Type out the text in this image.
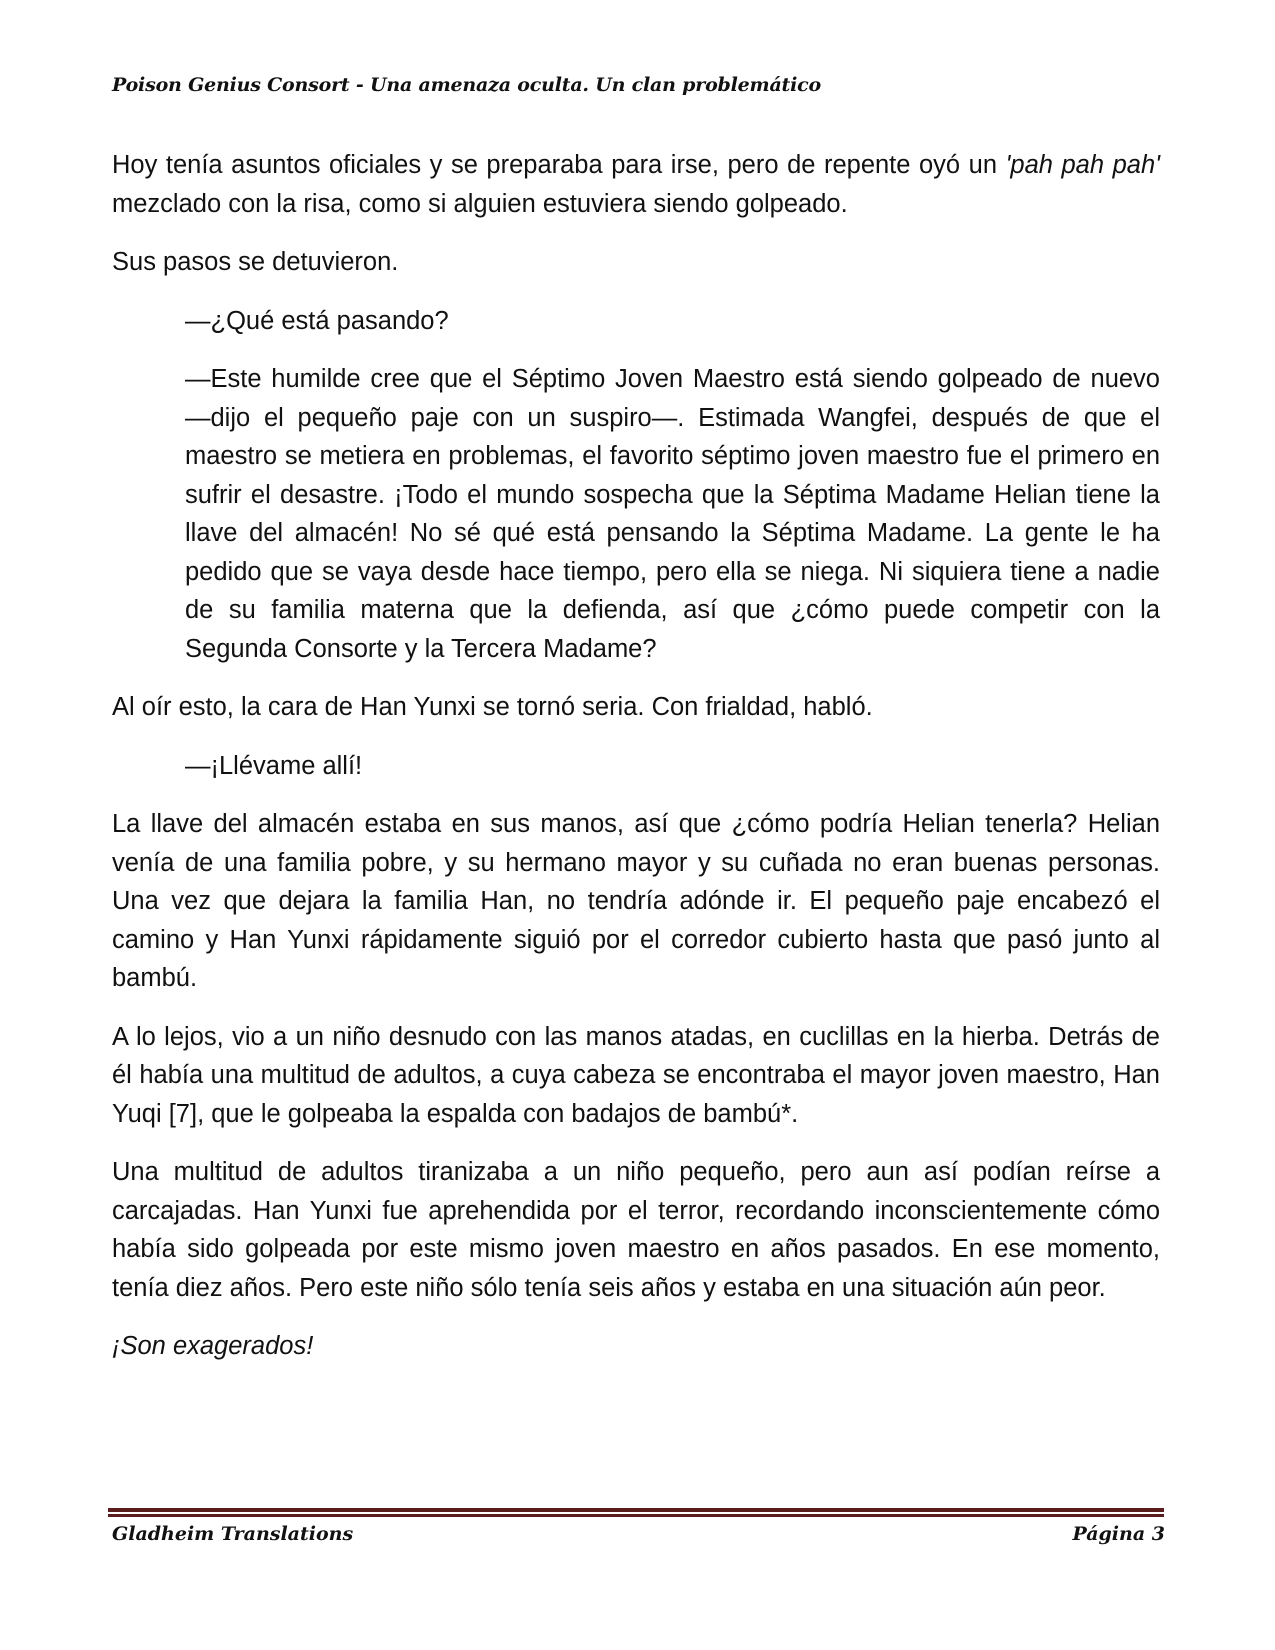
Poison Genius Consort - Una amenaza oculta. Un clan problemático

Hoy tenía asuntos oficiales y se preparaba para irse, pero de repente oyó un 'pah pah pah' mezclado con la risa, como si alguien estuviera siendo golpeado.

Sus pasos se detuvieron.

—¿Qué está pasando?

—Este humilde cree que el Séptimo Joven Maestro está siendo golpeado de nuevo —dijo el pequeño paje con un suspiro—. Estimada Wangfei, después de que el maestro se metiera en problemas, el favorito séptimo joven maestro fue el primero en sufrir el desastre. ¡Todo el mundo sospecha que la Séptima Madame Helian tiene la llave del almacén! No sé qué está pensando la Séptima Madame. La gente le ha pedido que se vaya desde hace tiempo, pero ella se niega. Ni siquiera tiene a nadie de su familia materna que la defienda, así que ¿cómo puede competir con la Segunda Consorte y la Tercera Madame?

Al oír esto, la cara de Han Yunxi se tornó seria. Con frialdad, habló.

—¡Llévame allí!

La llave del almacén estaba en sus manos, así que ¿cómo podría Helian tenerla? Helian venía de una familia pobre, y su hermano mayor y su cuñada no eran buenas personas. Una vez que dejara la familia Han, no tendría adónde ir. El pequeño paje encabezó el camino y Han Yunxi rápidamente siguió por el corredor cubierto hasta que pasó junto al bambú.

A lo lejos, vio a un niño desnudo con las manos atadas, en cuclillas en la hierba. Detrás de él había una multitud de adultos, a cuya cabeza se encontraba el mayor joven maestro, Han Yuqi [7], que le golpeaba la espalda con badajos de bambú*.

Una multitud de adultos tiranizaba a un niño pequeño, pero aun así podían reírse a carcajadas. Han Yunxi fue aprehendida por el terror, recordando inconscientemente cómo había sido golpeada por este mismo joven maestro en años pasados. En ese momento, tenía diez años. Pero este niño sólo tenía seis años y estaba en una situación aún peor.

¡Son exagerados!

Gladheim Translations	Página 3
